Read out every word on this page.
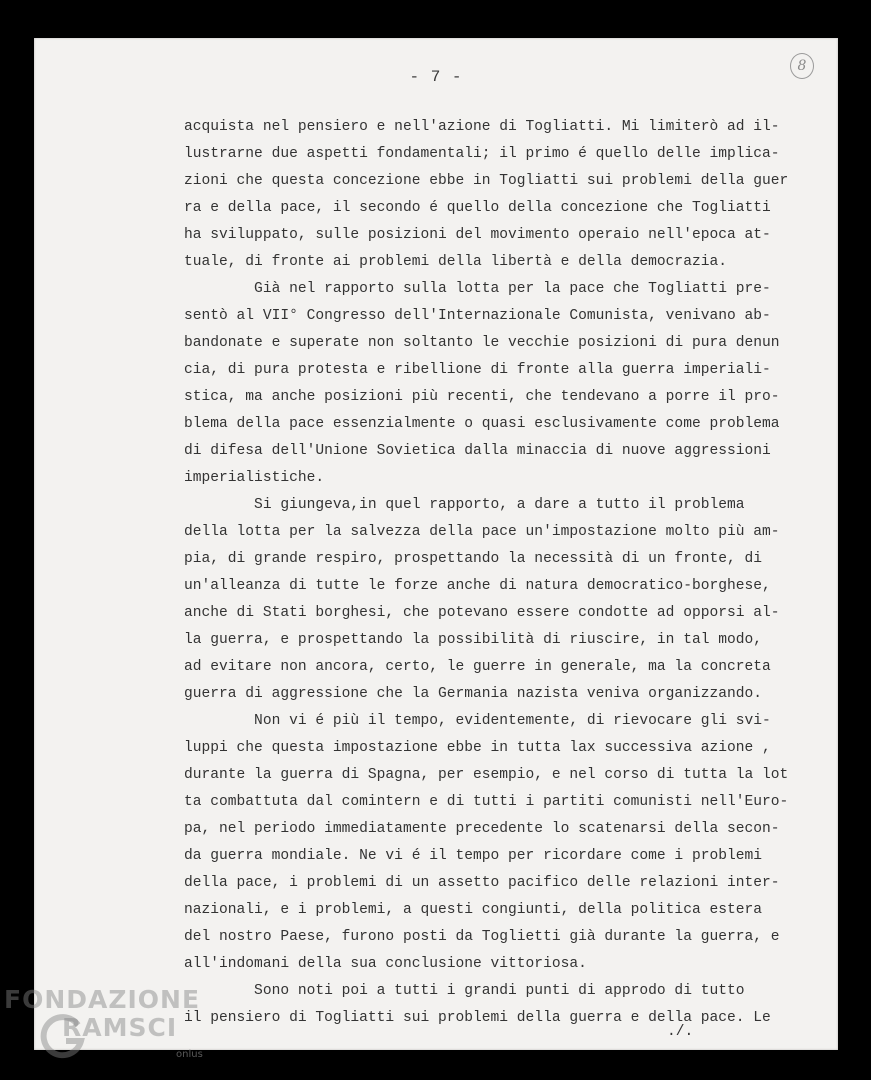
- 7 -
8
acquista nel pensiero e nell'azione di Togliatti. Mi limiterò ad il-
lustrarne due aspetti fondamentali; il primo é quello delle implica-
zioni che questa concezione ebbe in Togliatti sui problemi della guer
ra e della pace, il secondo é quello della concezione che Togliatti
ha sviluppato, sulle posizioni del movimento operaio nell'epoca at-
tuale, di fronte ai problemi della libertà e della democrazia.
Già nel rapporto sulla lotta per la pace che Togliatti pre-
sentò al VII° Congresso dell'Internazionale Comunista, venivano ab-
bandonate e superate non soltanto le vecchie posizioni di pura denun
cia, di pura protesta e ribellione di fronte alla guerra imperiali-
stica, ma anche posizioni più recenti, che tendevano a porre il pro-
blema della pace essenzialmente o quasi esclusivamente come problema
di difesa dell'Unione Sovietica dalla minaccia di nuove aggressioni
imperialistiche.
Si giungeva,in quel rapporto, a dare a tutto il problema
della lotta per la salvezza della pace un'impostazione molto più am-
pia, di grande respiro, prospettando la necessità di un fronte, di
un'alleanza di tutte le forze anche di natura democratico-borghese,
anche di Stati borghesi, che potevano essere condotte ad opporsi al-
la guerra, e prospettando la possibilità di riuscire, in tal modo,
ad evitare non ancora, certo, le guerre in generale, ma la concreta
guerra di aggressione che la Germania nazista veniva organizzando.
Non vi é più il tempo, evidentemente, di rievocare gli svi-
luppi che questa impostazione ebbe in tutta lax successiva azione ,
durante la guerra di Spagna, per esempio, e nel corso di tutta la lot
ta combattuta dal comintern e di tutti i partiti comunisti nell'Euro-
pa, nel periodo immediatamente precedente lo scatenarsi della secon-
da guerra mondiale. Ne vi é il tempo per ricordare come i problemi
della pace, i problemi di un assetto pacifico delle relazioni inter-
nazionali, e i problemi, a questi congiunti, della politica estera
del nostro Paese, furono posti da Toglietti già durante la guerra, e
all'indomani della sua conclusione vittoriosa.
Sono noti poi a tutti i grandi punti di approdo di tutto
il pensiero di Togliatti sui problemi della guerra e della pace. Le
./.
FONDAZIONE
RAMSCI
onlus
